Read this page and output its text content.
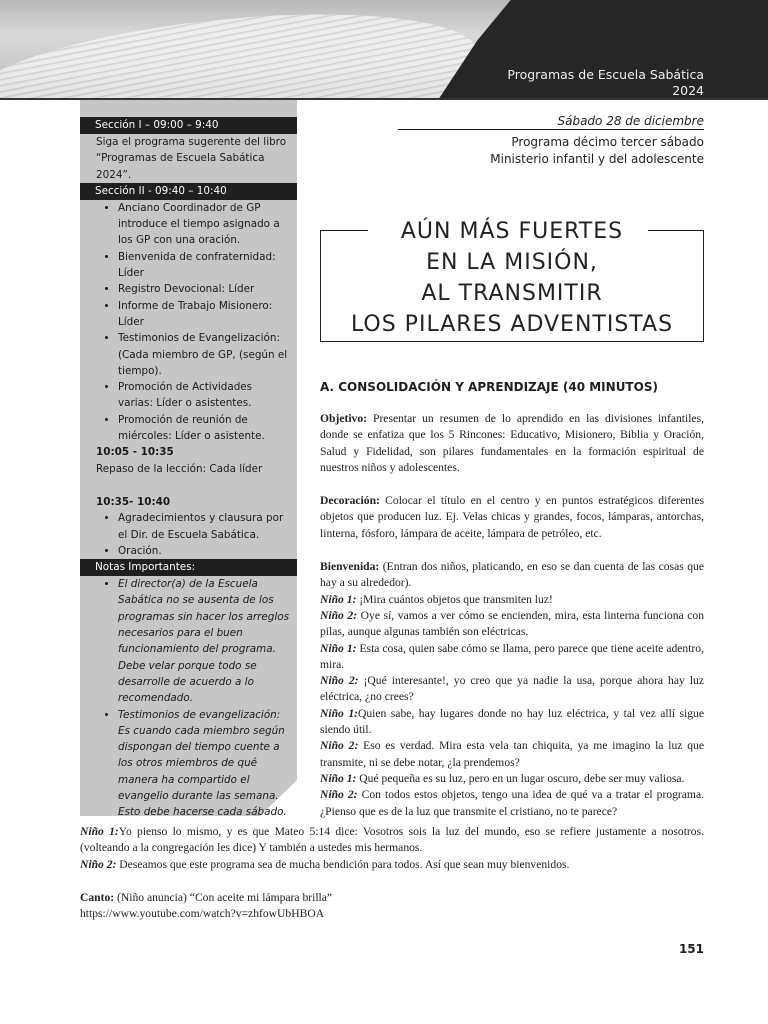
Programas de Escuela Sabática
2024
Sección I – 09:00 – 9:40
Siga el programa sugerente del libro “Programas de Escuela Sabática 2024”.
Sección II - 09:40 – 10:40
• Anciano Coordinador de GP introduce el tiempo asignado a los GP con una oración.
• Bienvenida de confraternidad: Líder
• Registro Devocional: Líder
• Informe de Trabajo Misionero: Líder
• Testimonios de Evangelización: (Cada miembro de GP, (según el tiempo).
• Promoción de Actividades varias: Líder o asistentes.
• Promoción de reunión de miércoles: Líder o asistente.
10:05 - 10:35
Repaso de la lección: Cada líder
10:35- 10:40
• Agradecimientos y clausura por el Dir. de Escuela Sabática.
• Oración.
Notas Importantes:
• El director(a) de la Escuela Sabática no se ausenta de los programas sin hacer los arreglos necesarios para el buen funcionamiento del programa. Debe velar porque todo se desarrolle de acuerdo a lo recomendado.
• Testimonios de evangelización: Es cuando cada miembro según dispongan del tiempo cuente a los otros miembros de qué manera ha compartido el evangelio durante las semana. Esto debe hacerse cada sábado.
Sábado 28 de diciembre
Programa décimo tercer sábado
Ministerio infantil y del adolescente
AÚN MÁS FUERTES
EN LA MISIÓN,
AL TRANSMITIR
LOS PILARES ADVENTISTAS
A. CONSOLIDACIÓN Y APRENDIZAJE (40 MINUTOS)

Objetivo: Presentar un resumen de lo aprendido en las divisiones infantiles, donde se enfatiza que los 5 Rincones: Educativo, Misionero, Biblia y Oración, Salud y Fidelidad, son pilares fundamentales en la formación espiritual de nuestros niños y adolescentes.

Decoración: Colocar el título en el centro y en puntos estratégicos diferentes objetos que producen luz. Ej. Velas chicas y grandes, focos, lámparas, antorchas, linterna, fósforo, lámpara de aceite, lámpara de petróleo, etc.

Bienvenida: (Entran dos niños, platicando, en eso se dan cuenta de las cosas que hay a su alrededor).

Niño 1: ¡Mira cuántos objetos que transmiten luz!

Niño 2: Oye sí, vamos a ver cómo se encienden, mira, esta linterna funciona con pilas, aunque algunas también son eléctricas.

Niño 1: Esta cosa, quien sabe cómo se llama, pero parece que tiene aceite adentro, mira.

Niño 2: ¡Qué interesante!, yo creo que ya nadie la usa, porque ahora hay luz eléctrica, ¿no crees?

Niño 1:Quien sabe, hay lugares donde no hay luz eléctrica, y tal vez allí sigue siendo útil.

Niño 2: Eso es verdad. Mira esta vela tan chiquita, ya me imagino la luz que transmite, ni se debe notar, ¿la prendemos?

Niño 1: Qué pequeña es su luz, pero en un lugar oscuro, debe ser muy valiosa.

Niño 2: Con todos estos objetos, tengo una idea de qué va a tratar el programa. ¿Pienso que es de la luz que transmite el cristiano, no te parece?

Niño 1:Yo pienso lo mismo, y es que Mateo 5:14 dice: Vosotros sois la luz del mundo, eso se refiere justamente a nosotros. (volteando a la congregación les dice) Y también a ustedes mis hermanos.

Niño 2: Deseamos que este programa sea de mucha bendición para todos. Así que sean muy bienvenidos.

Canto: (Niño anuncia) “Con aceite mi lámpara brilla”

https://www.youtube.com/watch?v=zhfowUbHBOA

151
